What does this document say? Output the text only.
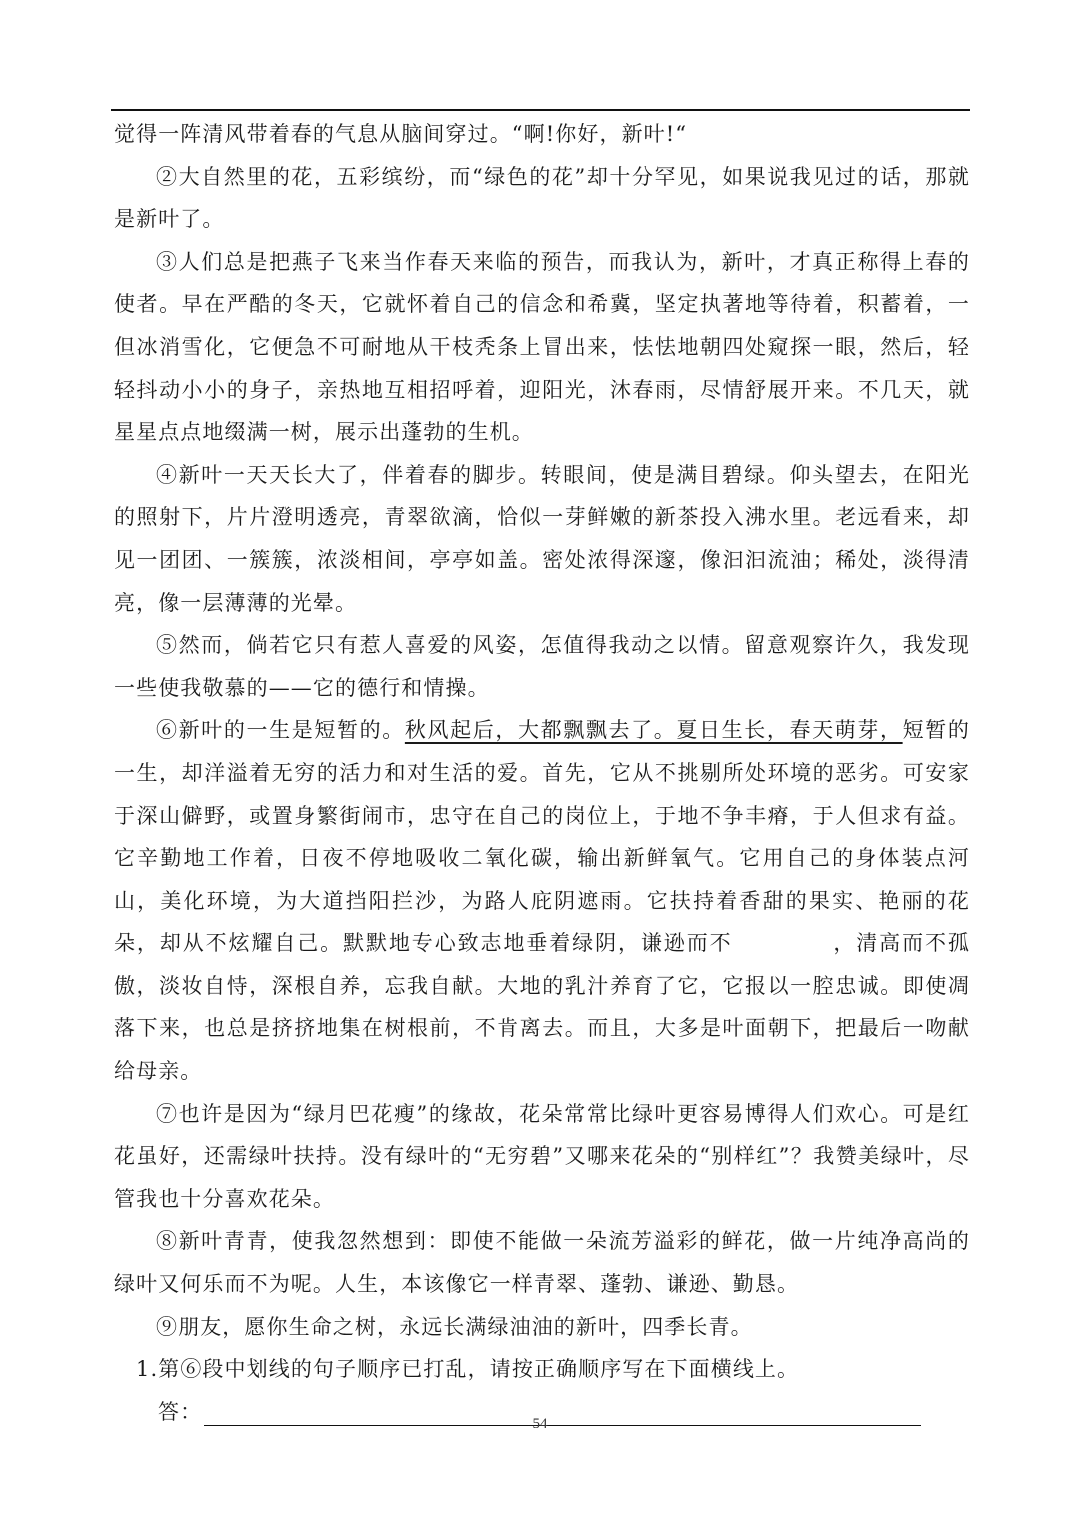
觉得一阵清风带着春的气息从脑间穿过。“啊!你好，新叶!“

②大自然里的花，五彩缤纷，而“绿色的花”却十分罕见，如果说我见过的话，那就是新叶了。

③人们总是把燕子飞来当作春天来临的预告，而我认为，新叶，才真正称得上春的使者。早在严酷的冬天，它就怀着自己的信念和希冀，坚定执著地等待着，积蓄着，一但冰消雪化，它便急不可耐地从干枝秃条上冒出来，怯怯地朝四处窥探一眼，然后，轻轻抖动小小的身子，亲热地互相招呼着，迎阳光，沐春雨，尽情舒展开来。不几天，就星星点点地缀满一树，展示出蓬勃的生机。

④新叶一天天长大了，伴着春的脚步。转眼间，使是满目碧绿。仰头望去，在阳光的照射下，片片澄明透亮，青翠欲滴，恰似一芽鲜嫩的新茶投入沸水里。老远看来，却见一团团、一簇簇，浓淡相间，亭亭如盖。密处浓得深邃，像汩汩流油；稀处，淡得清亮，像一层薄薄的光晕。

⑤然而，倘若它只有惹人喜爱的风姿，怎值得我动之以情。留意观察许久，我发现一些使我敬慕的——它的德行和情操。

⑥新叶的一生是短暂的。秋风起后，大都飘飘去了。夏日生长，春天萌芽，短暂的一生，却洋溢着无穷的活力和对生活的爱。首先，它从不挑剔所处环境的恶劣。可安家于深山僻野，或置身繁街闹市，忠守在自己的岗位上，于地不争丰瘠，于人但求有益。它辛勤地工作着，日夜不停地吸收二氧化碳，输出新鲜氧气。它用自己的身体装点河山，美化环境，为大道挡阳拦沙，为路人庇阴遮雨。它扶持着香甜的果实、艳丽的花朵，却从不炫耀自己。默默地专心致志地垂着绿阴，谦逊而不	，清高而不孤傲，淡妆自恃，深根自养，忘我自献。大地的乳汁养育了它，它报以一腔忠诚。即使凋落下来，也总是挤挤地集在树根前，不肯离去。而且，大多是叶面朝下，把最后一吻献给母亲。

⑦也许是因为“绿月巴花瘦”的缘故，花朵常常比绿叶更容易博得人们欢心。可是红花虽好，还需绿叶扶持。没有绿叶的“无穷碧”又哪来花朵的“别样红”？我赞美绿叶，尽管我也十分喜欢花朵。

⑧新叶青青，使我忽然想到：即使不能做一朵流芳溢彩的鲜花，做一片纯净高尚的绿叶又何乐而不为呢。人生，本该像它一样青翠、蓬勃、谦逊、勤恳。

⑨朋友，愿你生命之树，永远长满绿油油的新叶，四季长青。

1.第⑥段中划线的句子顺序已打乱，请按正确顺序写在下面横线上。

答：

54
